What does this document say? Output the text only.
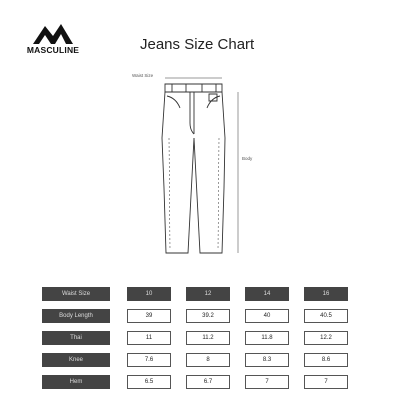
MASCULINE	Jeans Size Chart
Waist Size
Body
Waist Size	10	12	14	16

Body Length	39	39.2	40	40.5

Thai	11	11.2	11.8	12.2

Knee	7.6	8	8.3	8.6

Hem	6.5	6.7	7	7
